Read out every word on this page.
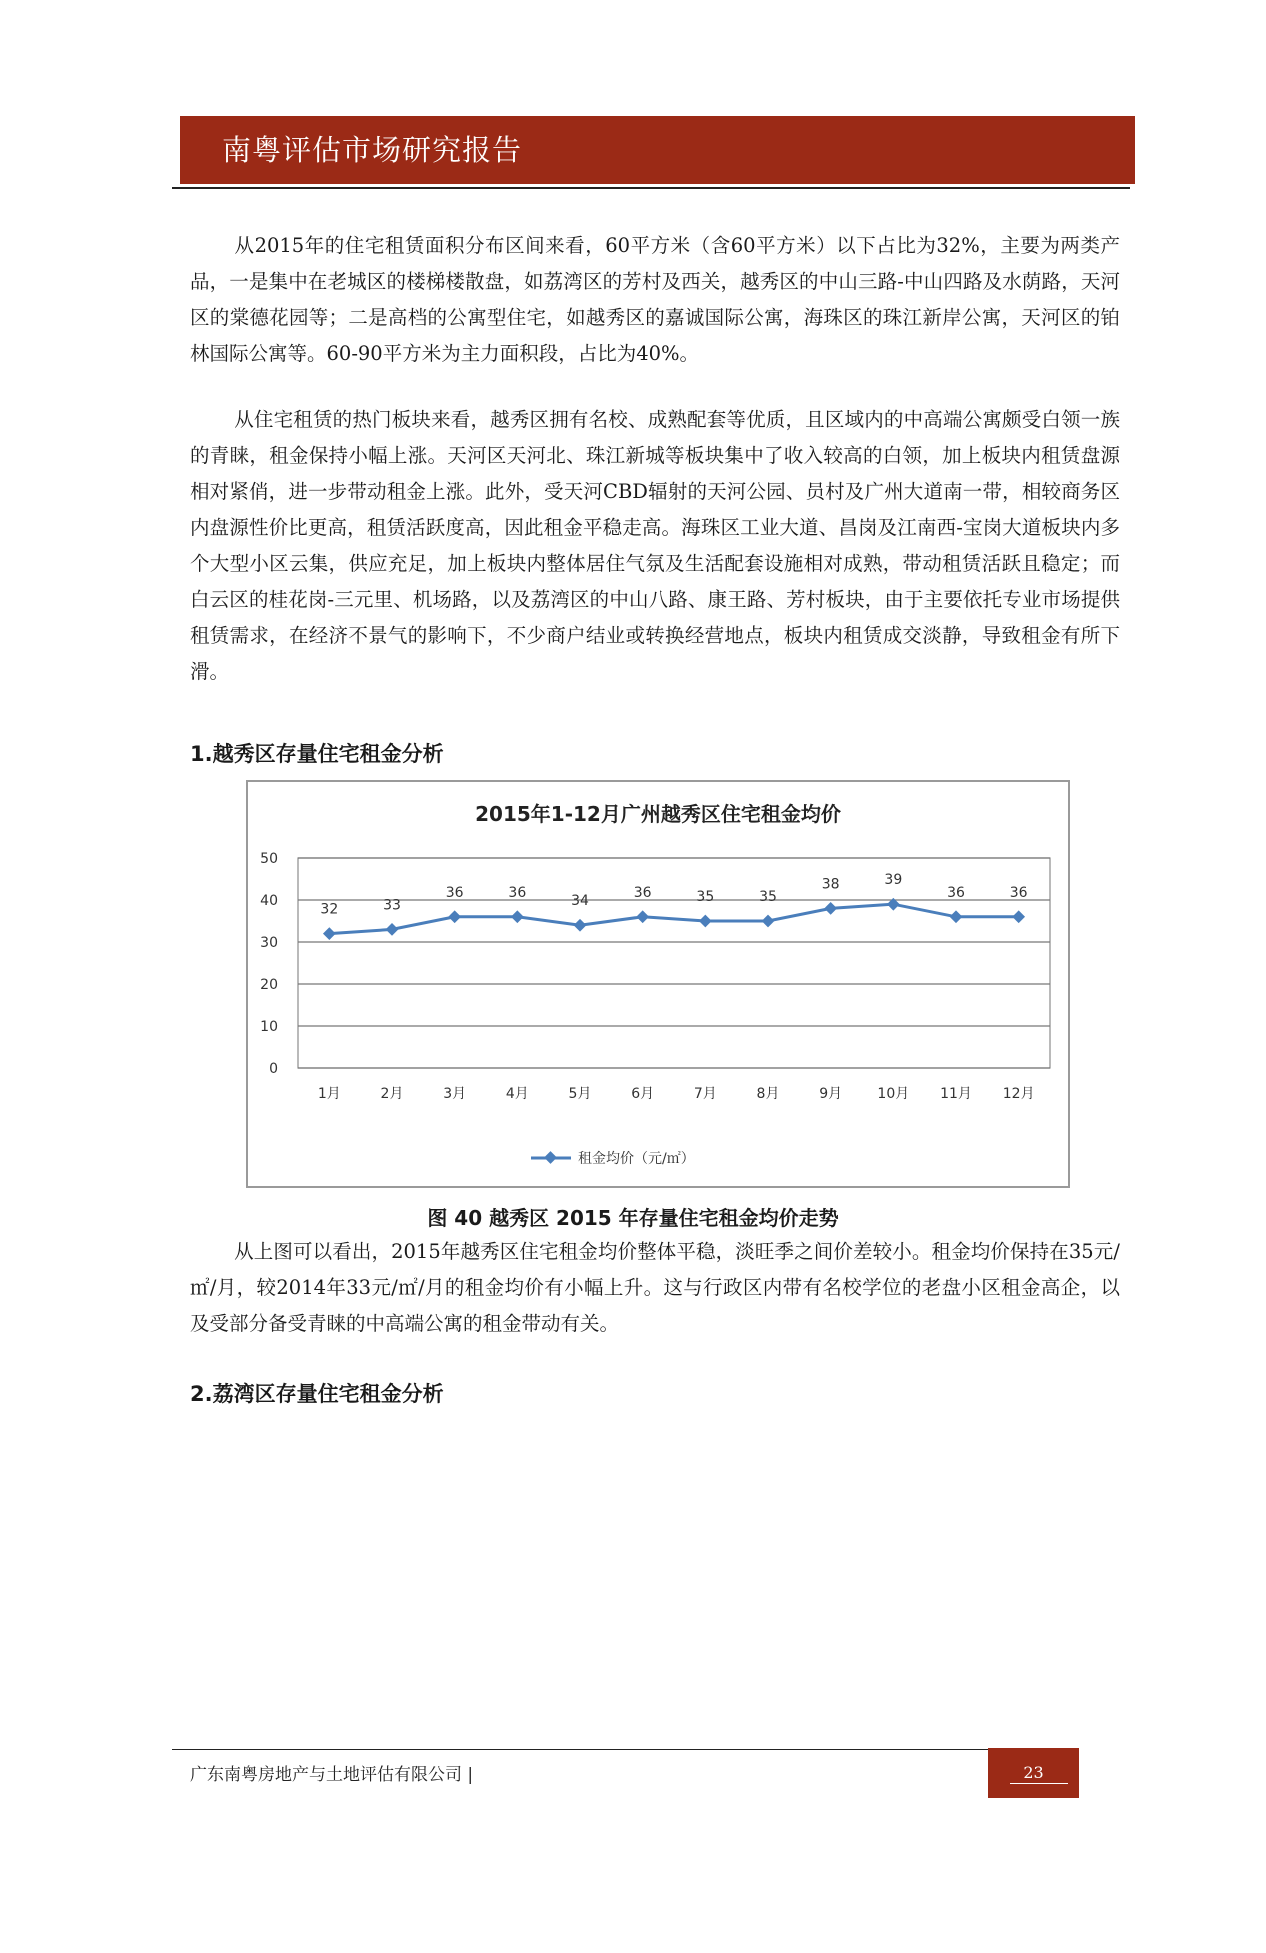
南粤评估市场研究报告

从2015年的住宅租赁面积分布区间来看，60平方米（含60平方米）以下占比为32%，主要为两类产品，一是集中在老城区的楼梯楼散盘，如荔湾区的芳村及西关，越秀区的中山三路-中山四路及水荫路，天河区的棠德花园等；二是高档的公寓型住宅，如越秀区的嘉诚国际公寓，海珠区的珠江新岸公寓，天河区的铂林国际公寓等。60-90平方米为主力面积段，占比为40%。

从住宅租赁的热门板块来看，越秀区拥有名校、成熟配套等优质，且区域内的中高端公寓颇受白领一族的青睐，租金保持小幅上涨。天河区天河北、珠江新城等板块集中了收入较高的白领，加上板块内租赁盘源相对紧俏，进一步带动租金上涨。此外，受天河CBD辐射的天河公园、员村及广州大道南一带，相较商务区内盘源性价比更高，租赁活跃度高，因此租金平稳走高。海珠区工业大道、昌岗及江南西-宝岗大道板块内多个大型小区云集，供应充足，加上板块内整体居住气氛及生活配套设施相对成熟，带动租赁活跃且稳定；而白云区的桂花岗-三元里、机场路，以及荔湾区的中山八路、康王路、芳村板块，由于主要依托专业市场提供租赁需求，在经济不景气的影响下，不少商户结业或转换经营地点，板块内租赁成交淡静，导致租金有所下滑。

1.越秀区存量住宅租金分析
2015年1-12月广州越秀区住宅租金均价
0
10
20
30
40
50
1月	2月	3月	4月	5月	6月	7月	8月	9月	10月 11月 12月
32	33
36	36
34
36	35	35
38	39
36	36
租金均价（元/㎡）
图 40 越秀区 2015 年存量住宅租金均价走势

从上图可以看出，2015年越秀区住宅租金均价整体平稳，淡旺季之间价差较小。租金均价保持在35元/㎡/月，较2014年33元/㎡/月的租金均价有小幅上升。这与行政区内带有名校学位的老盘小区租金高企，以及受部分备受青睐的中高端公寓的租金带动有关。

2.荔湾区存量住宅租金分析
广东南粤房地产与土地评估有限公司 |	23
